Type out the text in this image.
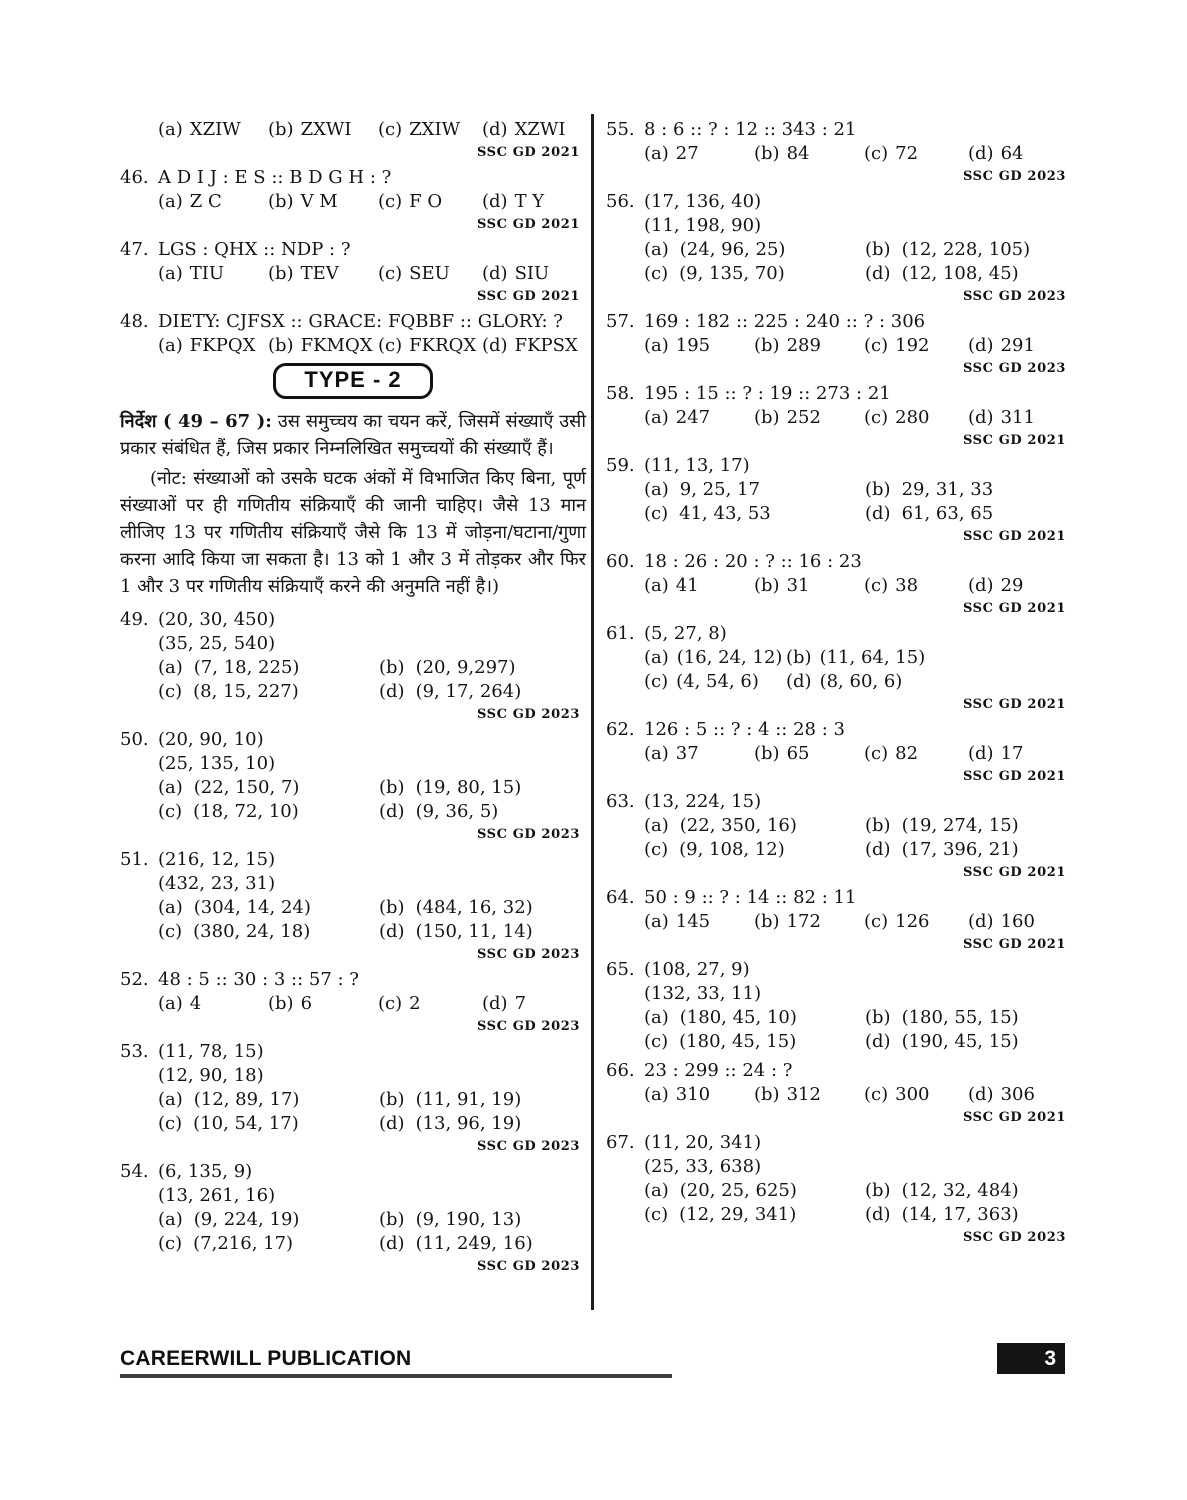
(a) XZIW	(b) ZXWI	(c) ZXIW	(d) XZWI
SSC GD 2021
46. A D I J : E S :: B D G H : ?
(a) Z C	(b) V M	(c) F O	(d) T Y
SSC GD 2021
47. LGS : QHX :: NDP : ?
(a) TIU	(b) TEV	(c) SEU	(d) SIU
SSC GD 2021
48. DIETY: CJFSX :: GRACE: FQBBF :: GLORY: ?
(a) FKPQX (b) FKMQX (c) FKRQX (d) FKPSX
TYPE - 2

निर्देश ( 49 – 67 ): उस समुच्चय का चयन करें, जिसमें संख्याएँ उसी प्रकार संबंधित हैं, जिस प्रकार निम्नलिखित समुच्चयों की संख्याएँ हैं।

(नोट: संख्याओं को उसके घटक अंकों में विभाजित किए बिना, पूर्ण संख्याओं पर ही गणितीय संक्रियाएँ की जानी चाहिए। जैसे 13 मान लीजिए 13 पर गणितीय संक्रियाएँ जैसे कि 13 में जोड़ना/घटाना/गुणा करना आदि किया जा सकता है। 13 को 1 और 3 में तोड़कर और फिर 1 और 3 पर गणितीय संक्रियाएँ करने की अनुमति नहीं है।)

49. (20, 30, 450)
(35, 25, 540)
(a) (7, 18, 225)	(b) (20, 9,297)
(c) (8, 15, 227)	(d) (9, 17, 264)
SSC GD 2023
50. (20, 90, 10)
(25, 135, 10)
(a) (22, 150, 7)	(b) (19, 80, 15)
(c) (18, 72, 10)	(d) (9, 36, 5)
SSC GD 2023
51. (216, 12, 15)
(432, 23, 31)
(a) (304, 14, 24)	(b) (484, 16, 32)
(c) (380, 24, 18)	(d) (150, 11, 14)
SSC GD 2023
52. 48 : 5 :: 30 : 3 :: 57 : ?
(a) 4	(b) 6	(c) 2	(d) 7
SSC GD 2023
53. (11, 78, 15)
(12, 90, 18)
(a) (12, 89, 17)	(b) (11, 91, 19)
(c) (10, 54, 17)	(d) (13, 96, 19)
SSC GD 2023
54. (6, 135, 9)
(13, 261, 16)
(a) (9, 224, 19)	(b) (9, 190, 13)
(c) (7,216, 17)	(d) (11, 249, 16)
SSC GD 2023
55. 8 : 6 :: ? : 12 :: 343 : 21
(a) 27	(b) 84	(c) 72	(d) 64
SSC GD 2023
56. (17, 136, 40)
(11, 198, 90)
(a) (24, 96, 25)	(b) (12, 228, 105)
(c) (9, 135, 70)	(d) (12, 108, 45)
SSC GD 2023
57. 169 : 182 :: 225 : 240 :: ? : 306
(a) 195	(b) 289	(c) 192	(d) 291
SSC GD 2023
58. 195 : 15 :: ? : 19 :: 273 : 21
(a) 247	(b) 252	(c) 280	(d) 311
SSC GD 2021
59. (11, 13, 17)
(a) 9, 25, 17	(b) 29, 31, 33
(c) 41, 43, 53	(d) 61, 63, 65
SSC GD 2021
60. 18 : 26 : 20 : ? :: 16 : 23
(a) 41	(b) 31	(c) 38	(d) 29
SSC GD 2021
61. (5, 27, 8)
(a) (16, 24, 12) (b) (11, 64, 15)
(c) (4, 54, 6)	(d) (8, 60, 6)
SSC GD 2021
62. 126 : 5 :: ? : 4 :: 28 : 3
(a) 37	(b) 65	(c) 82	(d) 17
SSC GD 2021
63. (13, 224, 15)
(a) (22, 350, 16)	(b) (19, 274, 15)
(c) (9, 108, 12)	(d) (17, 396, 21)
SSC GD 2021
64. 50 : 9 :: ? : 14 :: 82 : 11
(a) 145	(b) 172	(c) 126	(d) 160
SSC GD 2021
65. (108, 27, 9)
(132, 33, 11)
(a) (180, 45, 10)	(b) (180, 55, 15)
(c) (180, 45, 15)	(d) (190, 45, 15)
66. 23 : 299 :: 24 : ?
(a) 310	(b) 312	(c) 300	(d) 306
SSC GD 2021
67. (11, 20, 341)
(25, 33, 638)
(a) (20, 25, 625)	(b) (12, 32, 484)
(c) (12, 29, 341)	(d) (14, 17, 363)
SSC GD 2023
CAREERWILL PUBLICATION	3
